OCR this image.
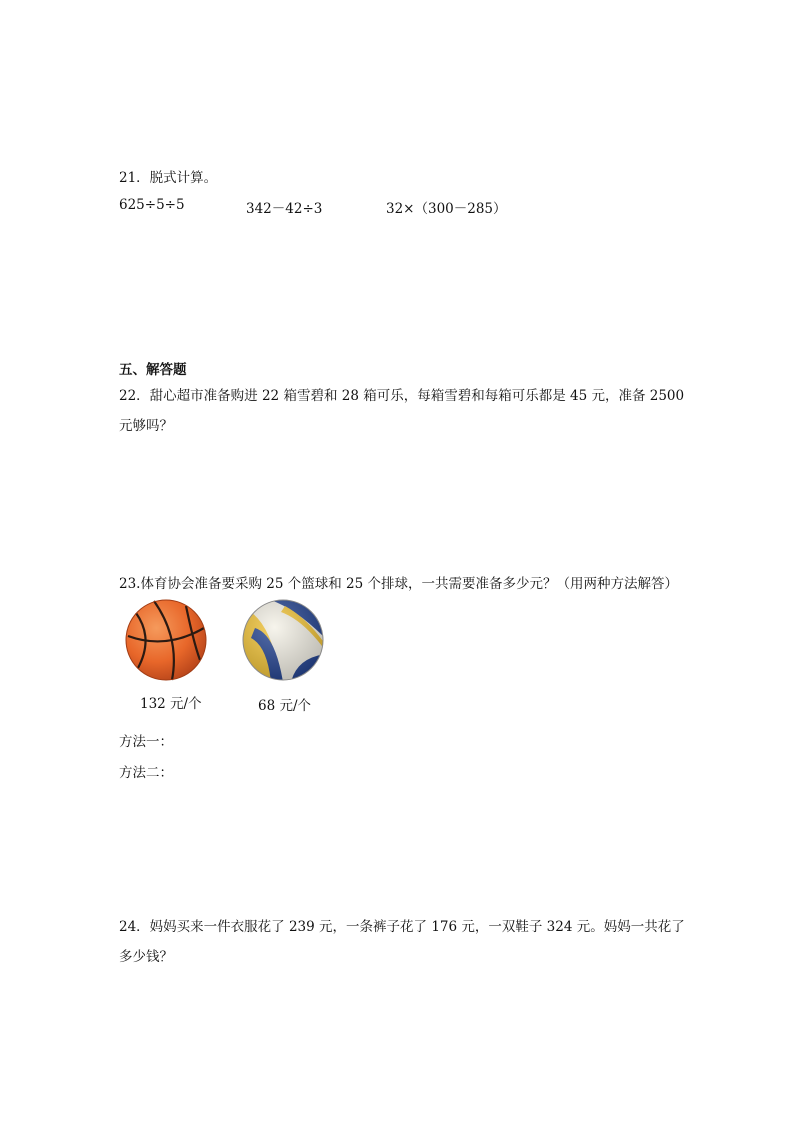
21．脱式计算。
625÷5÷5	342－42÷3	32×（300－285）
五、解答题
22．甜心超市准备购进 22 箱雪碧和 28 箱可乐，每箱雪碧和每箱可乐都是 45 元，准备 2500
元够吗？
23.体育协会准备要采购 25 个篮球和 25 个排球，一共需要准备多少元？（用两种方法解答）
132 元/个	68 元/个
方法一：
方法二：
24．妈妈买来一件衣服花了 239 元，一条裤子花了 176 元，一双鞋子 324 元。妈妈一共花了
多少钱？
